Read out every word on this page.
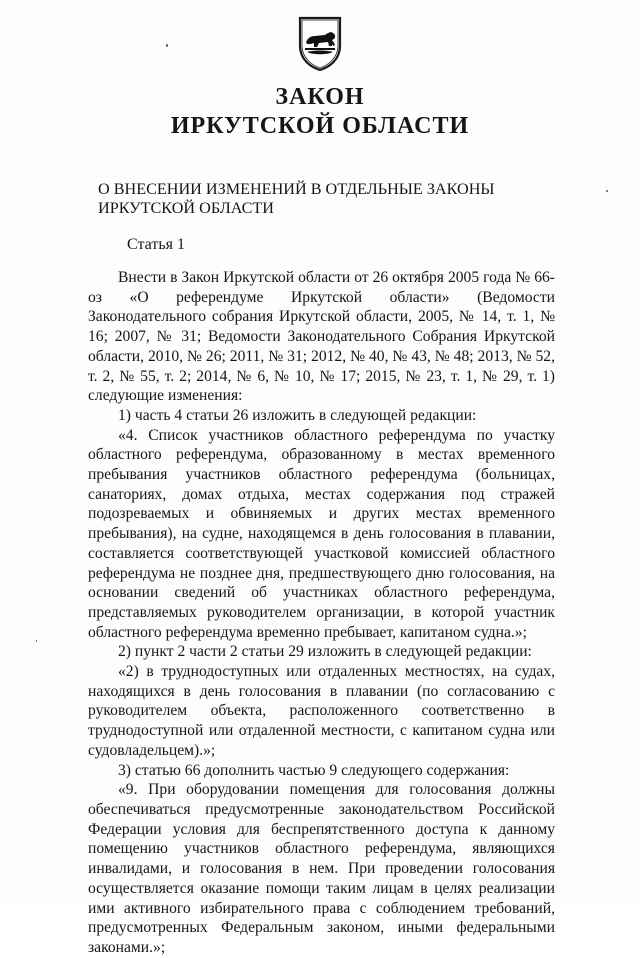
ЗАКОН
ИРКУТСКОЙ ОБЛАСТИ
О ВНЕСЕНИИ ИЗМЕНЕНИЙ В ОТДЕЛЬНЫЕ ЗАКОНЫ ИРКУТСКОЙ ОБЛАСТИ
Статья 1

Внести в Закон Иркутской области от 26 октября 2005 года № 66-оз «О референдуме Иркутской области» (Ведомости Законодательного собрания Иркутской области, 2005, № 14, т. 1, № 16; 2007, № 31; Ведомости Законодательного Собрания Иркутской области, 2010, № 26; 2011, № 31; 2012, № 40, № 43, № 48; 2013, № 52, т. 2, № 55, т. 2; 2014, № 6, № 10, № 17; 2015, № 23, т. 1, № 29, т. 1) следующие изменения:

1) часть 4 статьи 26 изложить в следующей редакции:

«4. Список участников областного референдума по участку областного референдума, образованному в местах временного пребывания участников областного референдума (больницах, санаториях, домах отдыха, местах содержания под стражей подозреваемых и обвиняемых и других местах временного пребывания), на судне, находящемся в день голосования в плавании, составляется соответствующей участковой комиссией областного референдума не позднее дня, предшествующего дню голосования, на основании сведений об участниках областного референдума, представляемых руководителем организации, в которой участник областного референдума временно пребывает, капитаном судна.»;

2) пункт 2 части 2 статьи 29 изложить в следующей редакции:

«2) в труднодоступных или отдаленных местностях, на судах, находящихся в день голосования в плавании (по согласованию с руководителем объекта, расположенного соответственно в труднодоступной или отдаленной местности, с капитаном судна или судовладельцем).»;

3) статью 66 дополнить частью 9 следующего содержания:

«9. При оборудовании помещения для голосования должны обеспечиваться предусмотренные законодательством Российской Федерации условия для беспрепятственного доступа к данному помещению участников областного референдума, являющихся инвалидами, и голосования в нем. При проведении голосования осуществляется оказание помощи таким лицам в целях реализации ими активного избирательного права с соблюдением требований, предусмотренных Федеральным законом, иными федеральными законами.»;
